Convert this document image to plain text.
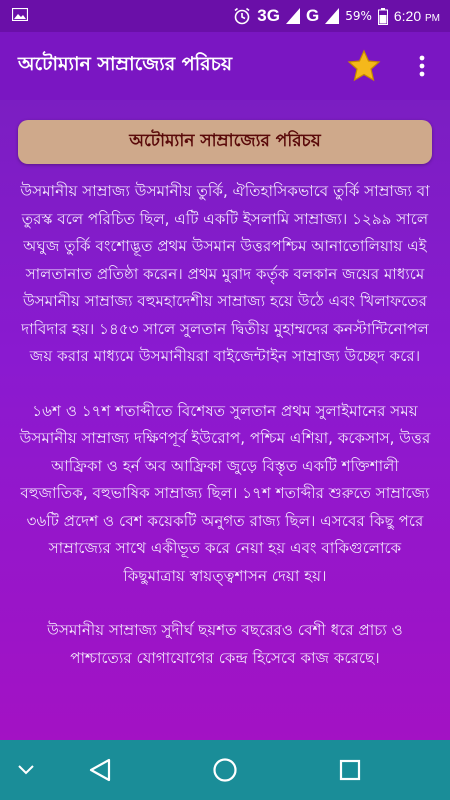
3G G 59% 6:20 PM
অটোম্যান সাম্রাজ্যের পরিচয়
অটোম্যান সাম্রাজ্যের পরিচয়

উসমানীয় সাম্রাজ্য উসমানীয় তুর্কি, ঐতিহাসিকভাবে তুর্কি সাম্রাজ্য বা তুরস্ক বলে পরিচিত ছিল, এটি একটি ইসলামি সাম্রাজ্য। ১২৯৯ সালে অঘুজ তুর্কি বংশোদ্ভূত প্রথম উসমান উত্তরপশ্চিম আনাতোলিয়ায় এই সালতানাত প্রতিষ্ঠা করেন। প্রথম মুরাদ কর্তৃক বলকান জয়ের মাধ্যমে উসমানীয় সাম্রাজ্য বহুমহাদেশীয় সাম্রাজ্য হয়ে উঠে এবং খিলাফতের দাবিদার হয়। ১৪৫৩ সালে সুলতান দ্বিতীয় মুহাম্মদের কনস্টান্টিনোপল জয় করার মাধ্যমে উসমানীয়রা বাইজেন্টাইন সাম্রাজ্য উচ্ছেদ করে।

১৬শ ও ১৭শ শতাব্দীতে বিশেষত সুলতান প্রথম সুলাইমানের সময় উসমানীয় সাম্রাজ্য দক্ষিণপূর্ব ইউরোপ, পশ্চিম এশিয়া, ককেসাস, উত্তর আফ্রিকা ও হর্ন অব আফ্রিকা জুড়ে বিস্তৃত একটি শক্তিশালী বহুজাতিক, বহুভাষিক সাম্রাজ্য ছিল। ১৭শ শতাব্দীর শুরুতে সাম্রাজ্যে ৩৬টি প্রদেশ ও বেশ কয়েকটি অনুগত রাজ্য ছিল। এসবের কিছু পরে সাম্রাজ্যের সাথে একীভূত করে নেয়া হয় এবং বাকিগুলোকে কিছুমাত্রায় স্বায়ত্ত্বশাসন দেয়া হয়।

উসমানীয় সাম্রাজ্য সুদীর্ঘ ছয়শত বছরেরও বেশী ধরে প্রাচ্য ও পাশ্চাত্যের যোগাযোগের কেন্দ্র হিসেবে কাজ করেছে।
